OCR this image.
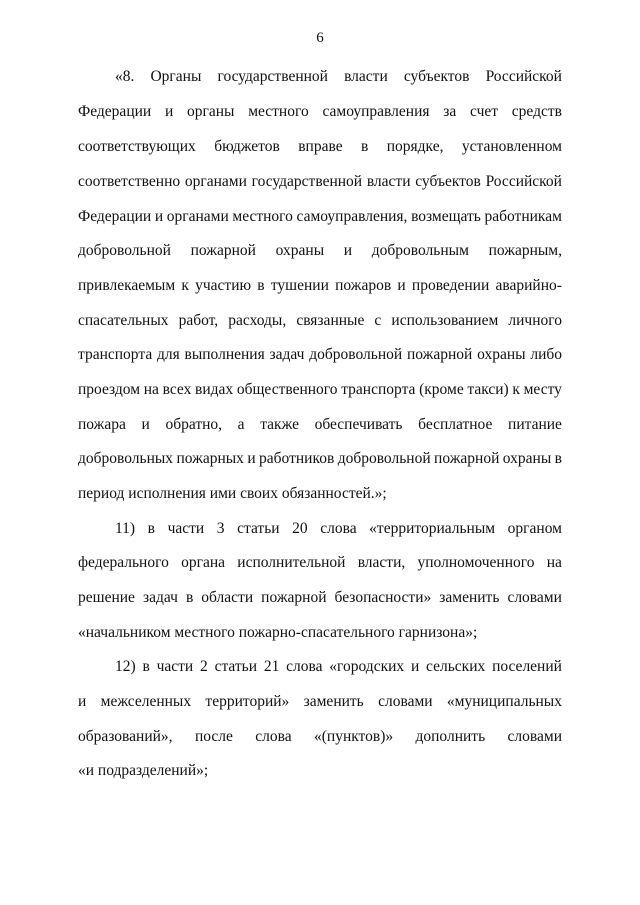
6
«8. Органы государственной власти субъектов Российской
Федерации и органы местного самоуправления за счет средств
соответствующих бюджетов вправе в порядке, установленном
соответственно органами государственной власти субъектов Российской
Федерации и органами местного самоуправления, возмещать работникам
добровольной пожарной охраны и добровольным пожарным,
привлекаемым к участию в тушении пожаров и проведении аварийно-
спасательных работ, расходы, связанные с использованием личного
транспорта для выполнения задач добровольной пожарной охраны либо
проездом на всех видах общественного транспорта (кроме такси) к месту
пожара и обратно, а также обеспечивать бесплатное питание
добровольных пожарных и работников добровольной пожарной охраны в
период исполнения ими своих обязанностей.»;
11) в части 3 статьи 20 слова «территориальным органом
федерального органа исполнительной власти, уполномоченного на
решение задач в области пожарной безопасности» заменить словами
«начальником местного пожарно-спасательного гарнизона»;
12) в части 2 статьи 21 слова «городских и сельских поселений
и межселенных территорий» заменить словами «муниципальных
образований», после слова «(пунктов)» дополнить словами
«и подразделений»;
